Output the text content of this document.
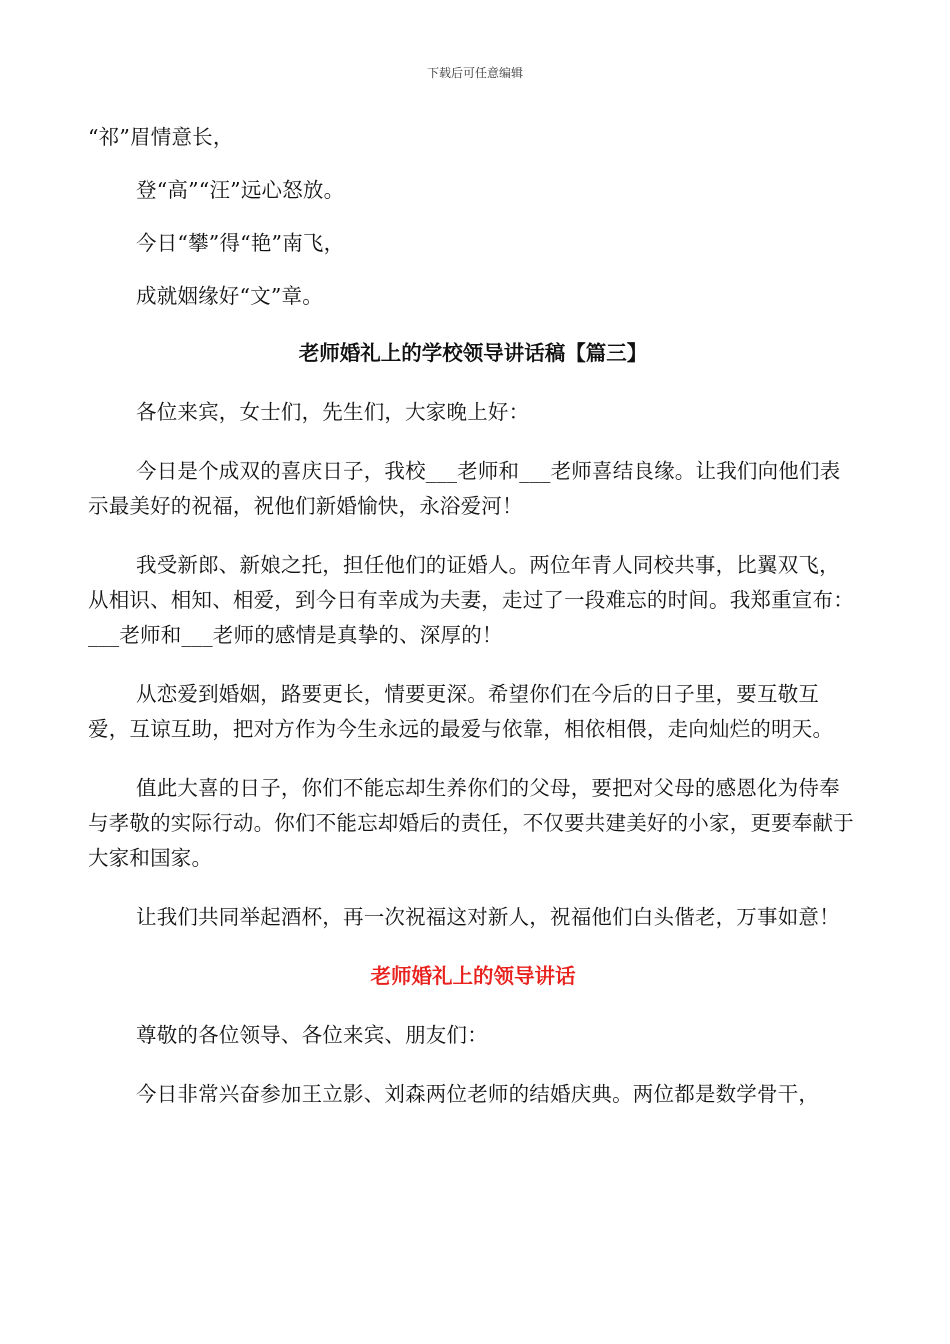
下载后可任意编辑

“祁”眉情意长，

登“高”“汪”远心怒放。

今日“攀”得“艳”南飞，

成就姻缘好“文”章。

老师婚礼上的学校领导讲话稿【篇三】

各位来宾，女士们，先生们，大家晚上好：

今日是个成双的喜庆日子，我校___老师和___老师喜结良缘。让我们向他们表示最美好的祝福，祝他们新婚愉快，永浴爱河！

我受新郎、新娘之托，担任他们的证婚人。两位年青人同校共事，比翼双飞，从相识、相知、相爱，到今日有幸成为夫妻，走过了一段难忘的时间。我郑重宣布：___老师和___老师的感情是真挚的、深厚的！

从恋爱到婚姻，路要更长，情要更深。希望你们在今后的日子里，要互敬互爱，互谅互助，把对方作为今生永远的最爱与依靠，相依相偎，走向灿烂的明天。

值此大喜的日子，你们不能忘却生养你们的父母，要把对父母的感恩化为侍奉与孝敬的实际行动。你们不能忘却婚后的责任，不仅要共建美好的小家，更要奉献于大家和国家。

让我们共同举起酒杯，再一次祝福这对新人，祝福他们白头偕老，万事如意！

老师婚礼上的领导讲话

尊敬的各位领导、各位来宾、朋友们：

今日非常兴奋参加王立影、刘森两位老师的结婚庆典。两位都是数学骨干，
